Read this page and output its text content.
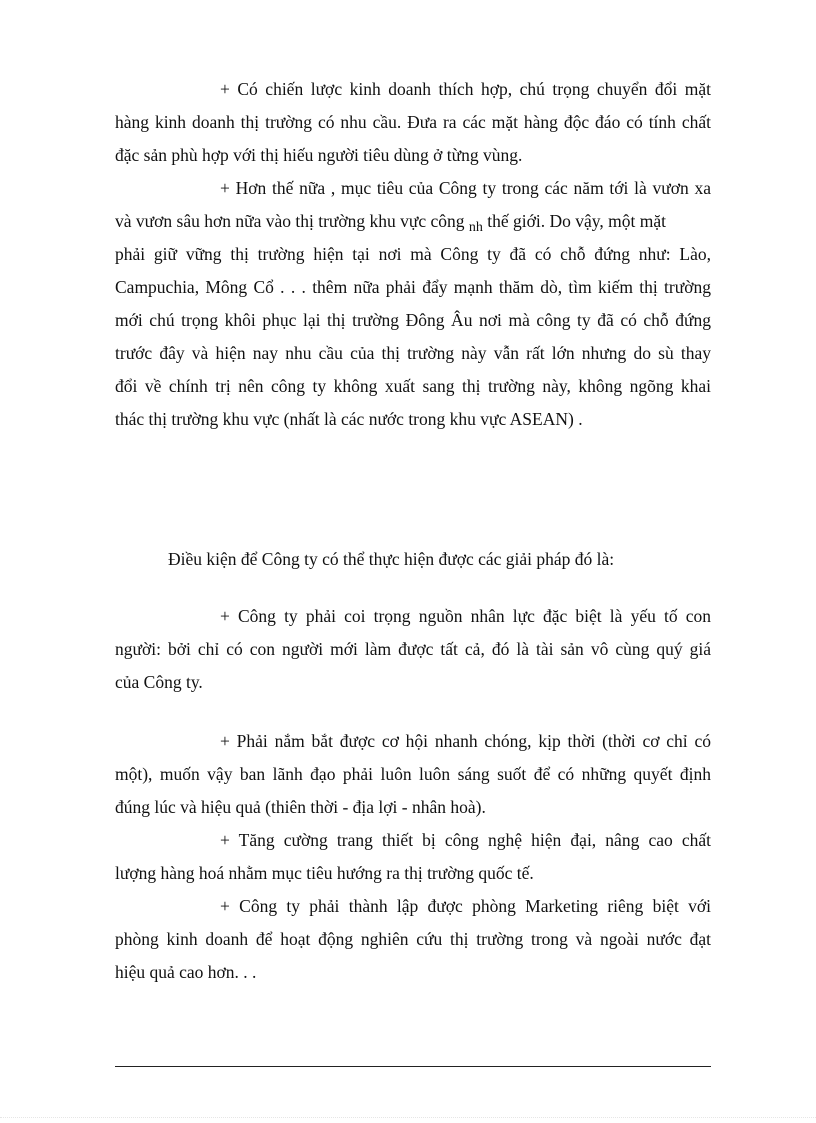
+ Có chiến lược kinh doanh thích hợp, chú trọng chuyển đổi mặt
hàng kinh doanh thị trường có nhu cầu. Đưa ra các mặt hàng độc đáo có tính chất
đặc sản phù hợp với thị hiếu người tiêu dùng ở từng vùng.
+ Hơn thế nữa , mục tiêu của Công ty trong các năm tới là vươn xa
và vươn sâu hơn nữa vào thị trường khu vực công $_{nh}$ thế giới. Do vậy, một mặt
phải giữ vững thị trường hiện tại nơi mà Công ty đã có chỗ đứng như: Lào,
Campuchia, Mông Cổ . . . thêm nữa phải đẩy mạnh thăm dò, tìm kiếm thị trường
mới chú trọng khôi phục lại thị trường Đông Âu nơi mà công ty đã có chỗ đứng
trước đây và hiện nay nhu cầu của thị trường này vẫn rất lớn nhưng do sù thay
đổi về chính trị nên công ty không xuất sang thị trường này, không ngõng khai
thác thị trường khu vực (nhất là các nước trong khu vực ASEAN) .
Điều kiện để Công ty có thể thực hiện được các giải pháp đó là:
+ Công ty phải coi trọng nguồn nhân lực đặc biệt là yếu tố con
người: bởi chỉ có con người mới làm được tất cả, đó là tài sản vô cùng quý giá
của Công ty.
+ Phải nắm bắt được cơ hội nhanh chóng, kịp thời (thời cơ chỉ có
một), muốn vậy ban lãnh đạo phải luôn luôn sáng suốt để có những quyết định
đúng lúc và hiệu quả (thiên thời - địa lợi - nhân hoà).
+ Tăng cường trang thiết bị công nghệ hiện đại, nâng cao chất
lượng hàng hoá nhằm mục tiêu hướng ra thị trường quốc tế.
+ Công ty phải thành lập được phòng Marketing riêng biệt với
phòng kinh doanh để hoạt động nghiên cứu thị trường trong và ngoài nước đạt
hiệu quả cao hơn. . .
